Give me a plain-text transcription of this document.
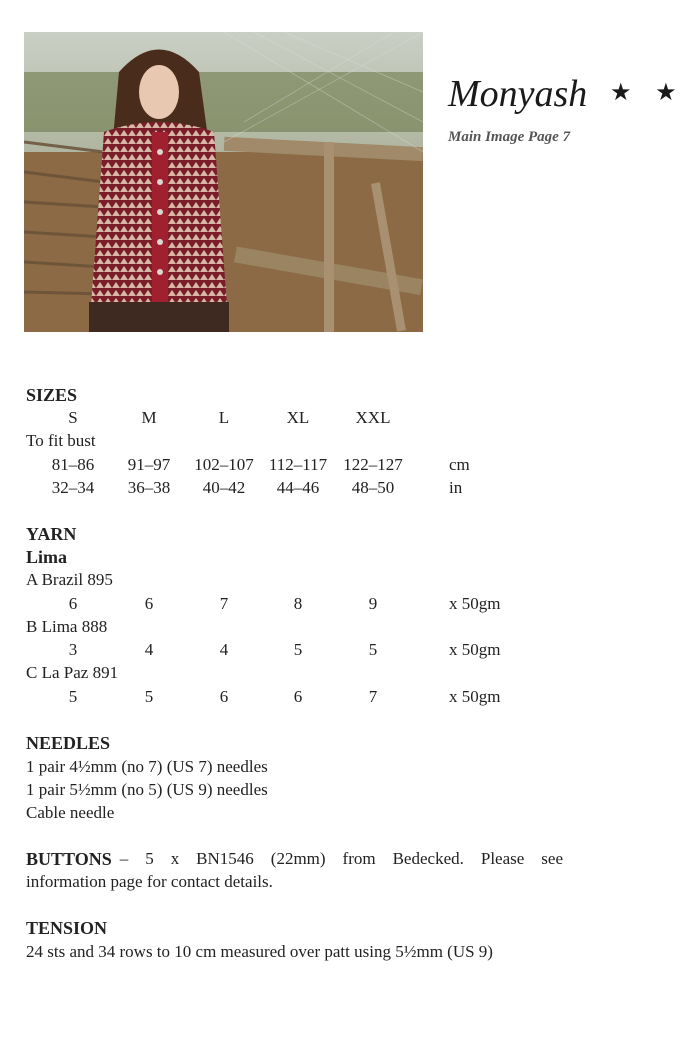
Monyash ★ ★
Main Image Page 7
SIZES
S	M	L	XL	XXL
To fit bust
81–86	91–97	102–107 112–117 122–127	cm
32–34	36–38	40–42	44–46	48–50	in
YARN
Lima
A Brazil 895
6	6	7	8	9	x 50gm
B Lima 888
3	4	4	5	5	x 50gm
C La Paz 891
5	5	6	6	7	x 50gm
NEEDLES
1 pair 4½mm (no 7) (US 7) needles
1 pair 5½mm (no 5) (US 9) needles
Cable needle
BUTTONS – 5 x BN1546 (22mm) from Bedecked. Please see
information page for contact details.
TENSION
24 sts and 34 rows to 10 cm measured over patt using 5½mm (US 9)
